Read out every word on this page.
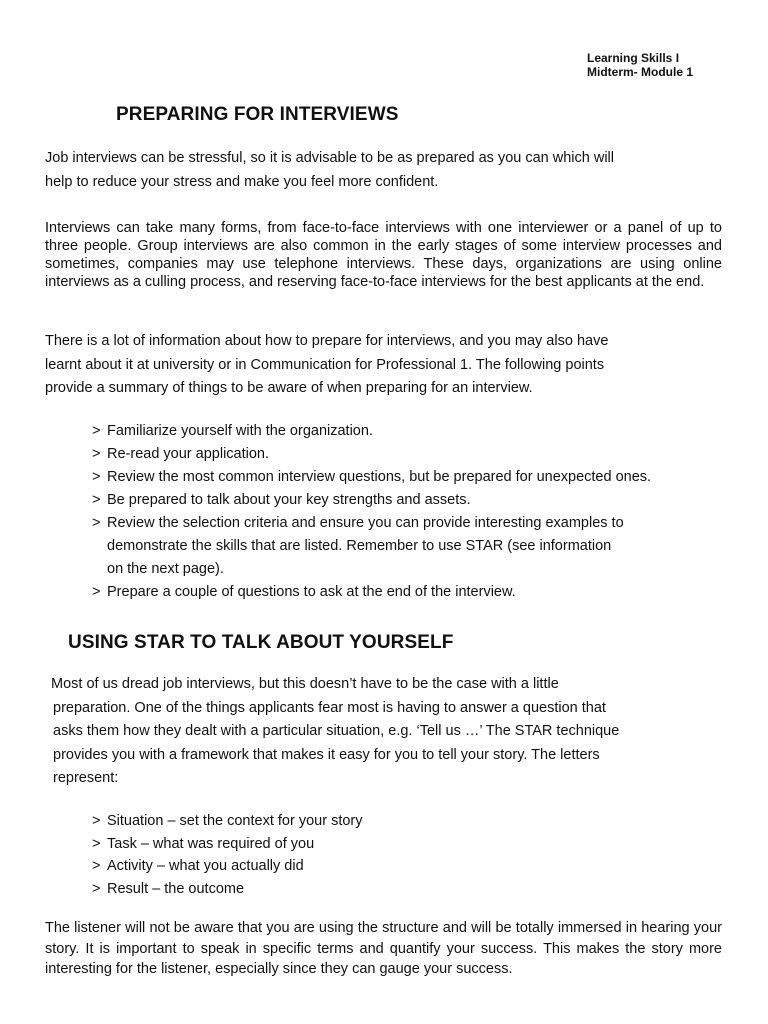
Learning Skills I
Midterm- Module 1
PREPARING FOR INTERVIEWS
Job interviews can be stressful, so it is advisable to be as prepared as you can which will
help to reduce your stress and make you feel more confident.
Interviews can take many forms, from face-to-face interviews with one interviewer or a panel of up to three people. Group interviews are also common in the early stages of some interview processes and sometimes, companies may use telephone interviews. These days, organizations are using online interviews as a culling process, and reserving face-to-face interviews for the best applicants at the end.
There is a lot of information about how to prepare for interviews, and you may also have
learnt about it at university or in Communication for Professional 1. The following points
provide a summary of things to be aware of when preparing for an interview.
> Familiarize yourself with the organization.
> Re-read your application.
> Review the most common interview questions, but be prepared for unexpected ones.
> Be prepared to talk about your key strengths and assets.
> Review the selection criteria and ensure you can provide interesting examples to
demonstrate the skills that are listed. Remember to use STAR (see information
on the next page).
> Prepare a couple of questions to ask at the end of the interview.
USING STAR TO TALK ABOUT YOURSELF
Most of us dread job interviews, but this doesn’t have to be the case with a little
preparation. One of the things applicants fear most is having to answer a question that
asks them how they dealt with a particular situation, e.g. ‘Tell us …’ The STAR technique
provides you with a framework that makes it easy for you to tell your story. The letters
represent:
> Situation – set the context for your story
> Task – what was required of you
> Activity – what you actually did
> Result – the outcome
The listener will not be aware that you are using the structure and will be totally immersed in hearing your story. It is important to speak in specific terms and quantify your success. This makes the story more interesting for the listener, especially since they can gauge your success.
